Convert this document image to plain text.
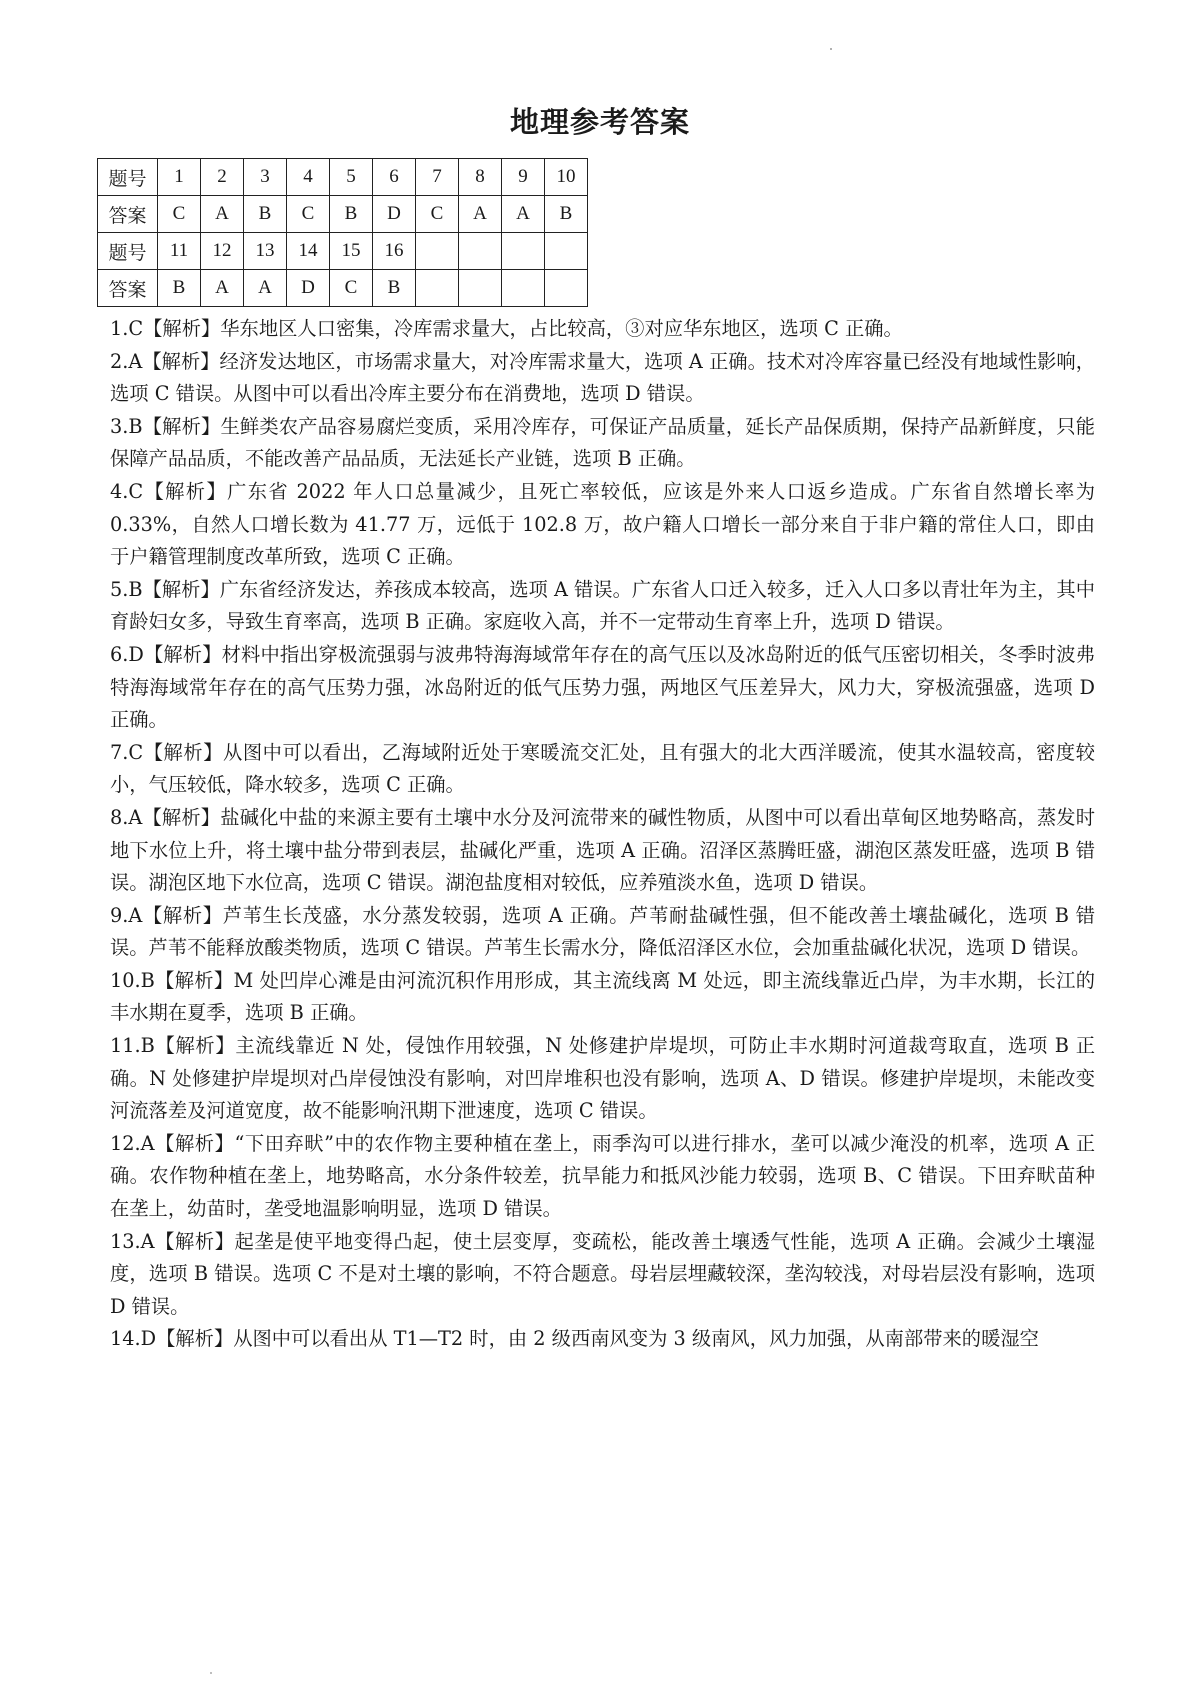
地理参考答案
题号	1	2	3	4	5	6	7	8	9	10
答案	C	A	B	C	B	D	C	A	A	B
题号	11	12	13	14	15	16				
答案	B	A	A	D	C	B				

1.C【解析】华东地区人口密集，冷库需求量大，占比较高，③对应华东地区，选项 C 正确。

2.A【解析】经济发达地区，市场需求量大，对冷库需求量大，选项 A 正确。技术对冷库容量已经没有地域性影响，选项 C 错误。从图中可以看出冷库主要分布在消费地，选项 D 错误。

3.B【解析】生鲜类农产品容易腐烂变质，采用冷库存，可保证产品质量，延长产品保质期，保持产品新鲜度，只能保障产品品质，不能改善产品品质，无法延长产业链，选项 B 正确。

4.C【解析】广东省 2022 年人口总量减少，且死亡率较低，应该是外来人口返乡造成。广东省自然增长率为 0.33%，自然人口增长数为 41.77 万，远低于 102.8 万，故户籍人口增长一部分来自于非户籍的常住人口，即由于户籍管理制度改革所致，选项 C 正确。

5.B【解析】广东省经济发达，养孩成本较高，选项 A 错误。广东省人口迁入较多，迁入人口多以青壮年为主，其中育龄妇女多，导致生育率高，选项 B 正确。家庭收入高，并不一定带动生育率上升，选项 D 错误。

6.D【解析】材料中指出穿极流强弱与波弗特海海域常年存在的高气压以及冰岛附近的低气压密切相关，冬季时波弗特海海域常年存在的高气压势力强，冰岛附近的低气压势力强，两地区气压差异大，风力大，穿极流强盛，选项 D 正确。

7.C【解析】从图中可以看出，乙海域附近处于寒暖流交汇处，且有强大的北大西洋暖流，使其水温较高，密度较小，气压较低，降水较多，选项 C 正确。

8.A【解析】盐碱化中盐的来源主要有土壤中水分及河流带来的碱性物质，从图中可以看出草甸区地势略高，蒸发时地下水位上升，将土壤中盐分带到表层，盐碱化严重，选项 A 正确。沼泽区蒸腾旺盛，湖泡区蒸发旺盛，选项 B 错误。湖泡区地下水位高，选项 C 错误。湖泡盐度相对较低，应养殖淡水鱼，选项 D 错误。

9.A【解析】芦苇生长茂盛，水分蒸发较弱，选项 A 正确。芦苇耐盐碱性强，但不能改善土壤盐碱化，选项 B 错误。芦苇不能释放酸类物质，选项 C 错误。芦苇生长需水分，降低沼泽区水位，会加重盐碱化状况，选项 D 错误。

10.B【解析】M 处凹岸心滩是由河流沉积作用形成，其主流线离 M 处远，即主流线靠近凸岸，为丰水期，长江的丰水期在夏季，选项 B 正确。

11.B【解析】主流线靠近 N 处，侵蚀作用较强，N 处修建护岸堤坝，可防止丰水期时河道裁弯取直，选项 B 正确。N 处修建护岸堤坝对凸岸侵蚀没有影响，对凹岸堆积也没有影响，选项 A、D 错误。修建护岸堤坝，未能改变河流落差及河道宽度，故不能影响汛期下泄速度，选项 C 错误。

12.A【解析】“下田弃畎”中的农作物主要种植在垄上，雨季沟可以进行排水，垄可以减少淹没的机率，选项 A 正确。农作物种植在垄上，地势略高，水分条件较差，抗旱能力和抵风沙能力较弱，选项 B、C 错误。下田弃畎苗种在垄上，幼苗时，垄受地温影响明显，选项 D 错误。

13.A【解析】起垄是使平地变得凸起，使土层变厚，变疏松，能改善土壤透气性能，选项 A 正确。会减少土壤湿度，选项 B 错误。选项 C 不是对土壤的影响，不符合题意。母岩层埋藏较深，垄沟较浅，对母岩层没有影响，选项 D 错误。

14.D【解析】从图中可以看出从 T1—T2 时，由 2 级西南风变为 3 级南风，风力加强，从南部带来的暖湿空
